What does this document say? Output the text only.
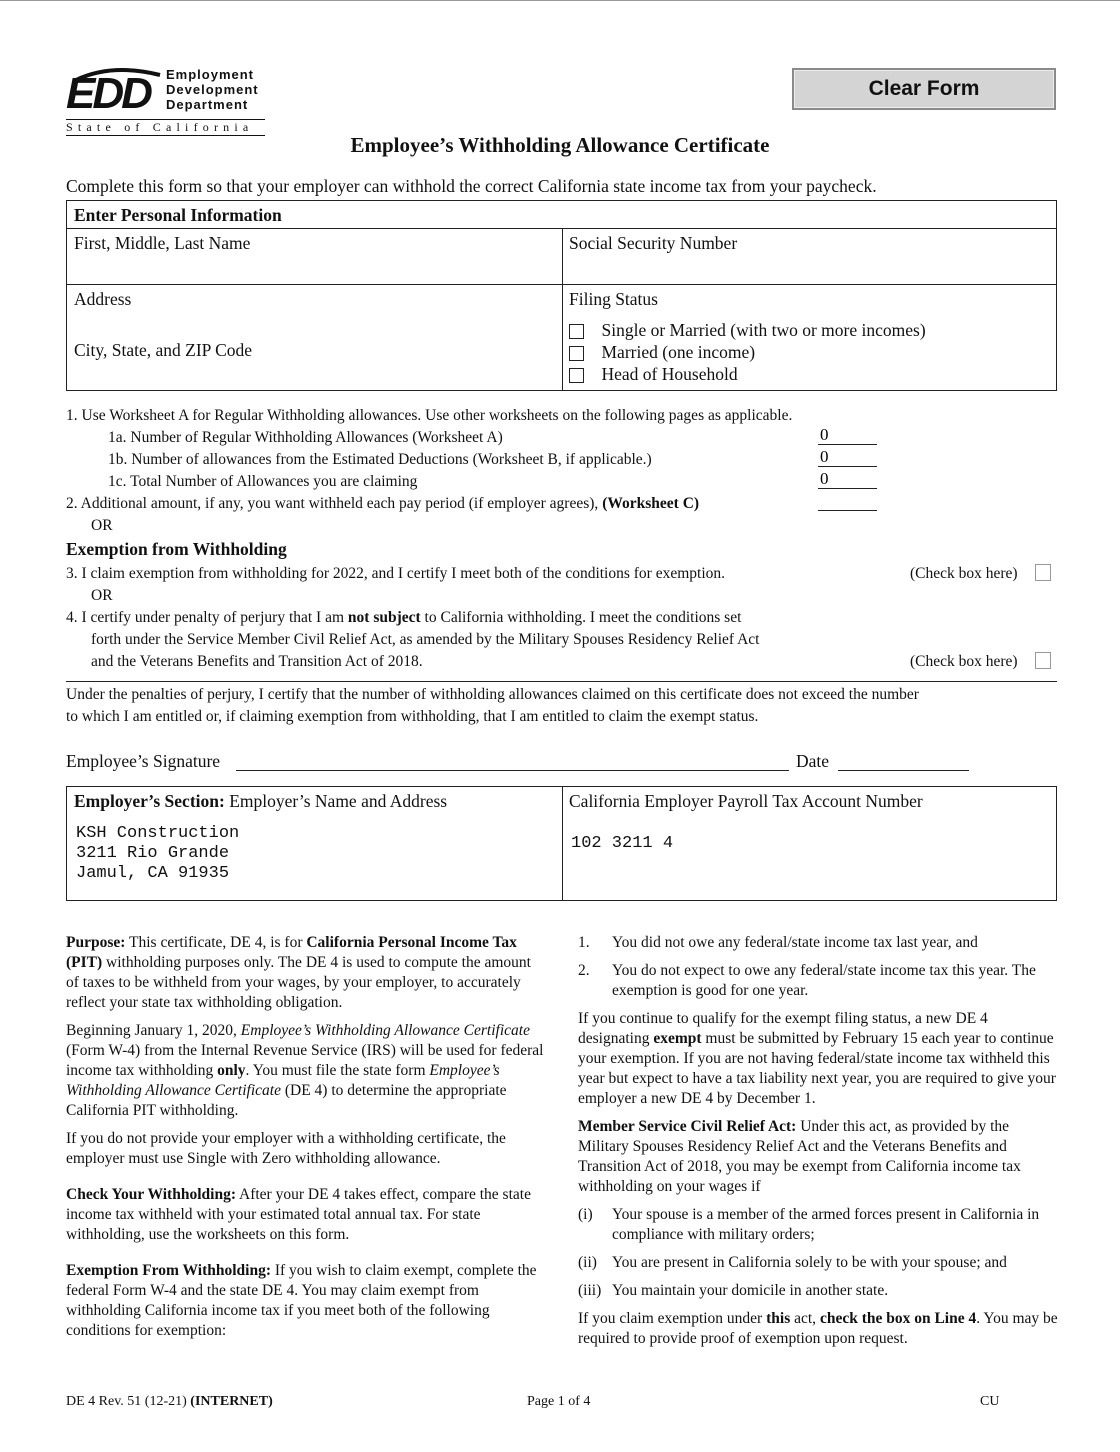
EDD Employment
Development
Department
State of California
Clear Form
Employee’s Withholding Allowance Certificate
Complete this form so that your employer can withhold the correct California state income tax from your paycheck.
Enter Personal Information
First, Middle, Last Name	Social Security Number
Address
City, State, and ZIP Code
Filing Status
Single or Married (with two or more incomes)
Married (one income)
Head of Household
1. Use Worksheet A for Regular Withholding allowances. Use other worksheets on the following pages as applicable.
1a. Number of Regular Withholding Allowances (Worksheet A)
0
1b. Number of allowances from the Estimated Deductions (Worksheet B, if applicable.)
0
1c. Total Number of Allowances you are claiming
0
2. Additional amount, if any, you want withheld each pay period (if employer agrees), (Worksheet C)
OR
Exemption from Withholding
3. I claim exemption from withholding for 2022, and I certify I meet both of the conditions for exemption.	(Check box here)
OR
4. I certify under penalty of perjury that I am not subject to California withholding. I meet the conditions set
forth under the Service Member Civil Relief Act, as amended by the Military Spouses Residency Relief Act
and the Veterans Benefits and Transition Act of 2018.	(Check box here)
Under the penalties of perjury, I certify that the number of withholding allowances claimed on this certificate does not exceed the number
to which I am entitled or, if claiming exemption from withholding, that I am entitled to claim the exempt status.
Employee’s Signature	Date
Employer’s Section: Employer’s Name and Address
KSH Construction
3211 Rio Grande
Jamul, CA 91935
California Employer Payroll Tax Account Number
102 3211 4

Purpose: This certificate, DE 4, is for California Personal Income Tax (PIT) withholding purposes only. The DE 4 is used to compute the amount of taxes to be withheld from your wages, by your employer, to accurately reflect your state tax withholding obligation.

Beginning January 1, 2020, Employee’s Withholding Allowance Certificate (Form W-4) from the Internal Revenue Service (IRS) will be used for federal income tax withholding only. You must file the state form Employee’s Withholding Allowance Certificate (DE 4) to determine the appropriate California PIT withholding.

If you do not provide your employer with a withholding certificate, the employer must use Single with Zero withholding allowance.

Check Your Withholding: After your DE 4 takes effect, compare the state income tax withheld with your estimated total annual tax. For state withholding, use the worksheets on this form.

Exemption From Withholding: If you wish to claim exempt, complete the federal Form W-4 and the state DE 4. You may claim exempt from withholding California income tax if you meet both of the following conditions for exemption:

1.	You did not owe any federal/state income tax last year, and
2.	You do not expect to owe any federal/state income tax this year. The exemption is good for one year.

If you continue to qualify for the exempt filing status, a new DE 4 designating exempt must be submitted by February 15 each year to continue your exemption. If you are not having federal/state income tax withheld this year but expect to have a tax liability next year, you are required to give your employer a new DE 4 by December 1.

Member Service Civil Relief Act: Under this act, as provided by the Military Spouses Residency Relief Act and the Veterans Benefits and Transition Act of 2018, you may be exempt from California income tax withholding on your wages if

(i)	Your spouse is a member of the armed forces present in California in compliance with military orders;
(ii) You are present in California solely to be with your spouse; and
(iii) You maintain your domicile in another state.

If you claim exemption under this act, check the box on Line 4. You may be required to provide proof of exemption upon request.

DE 4 Rev. 51 (12-21) (INTERNET)	Page 1 of 4	CU
